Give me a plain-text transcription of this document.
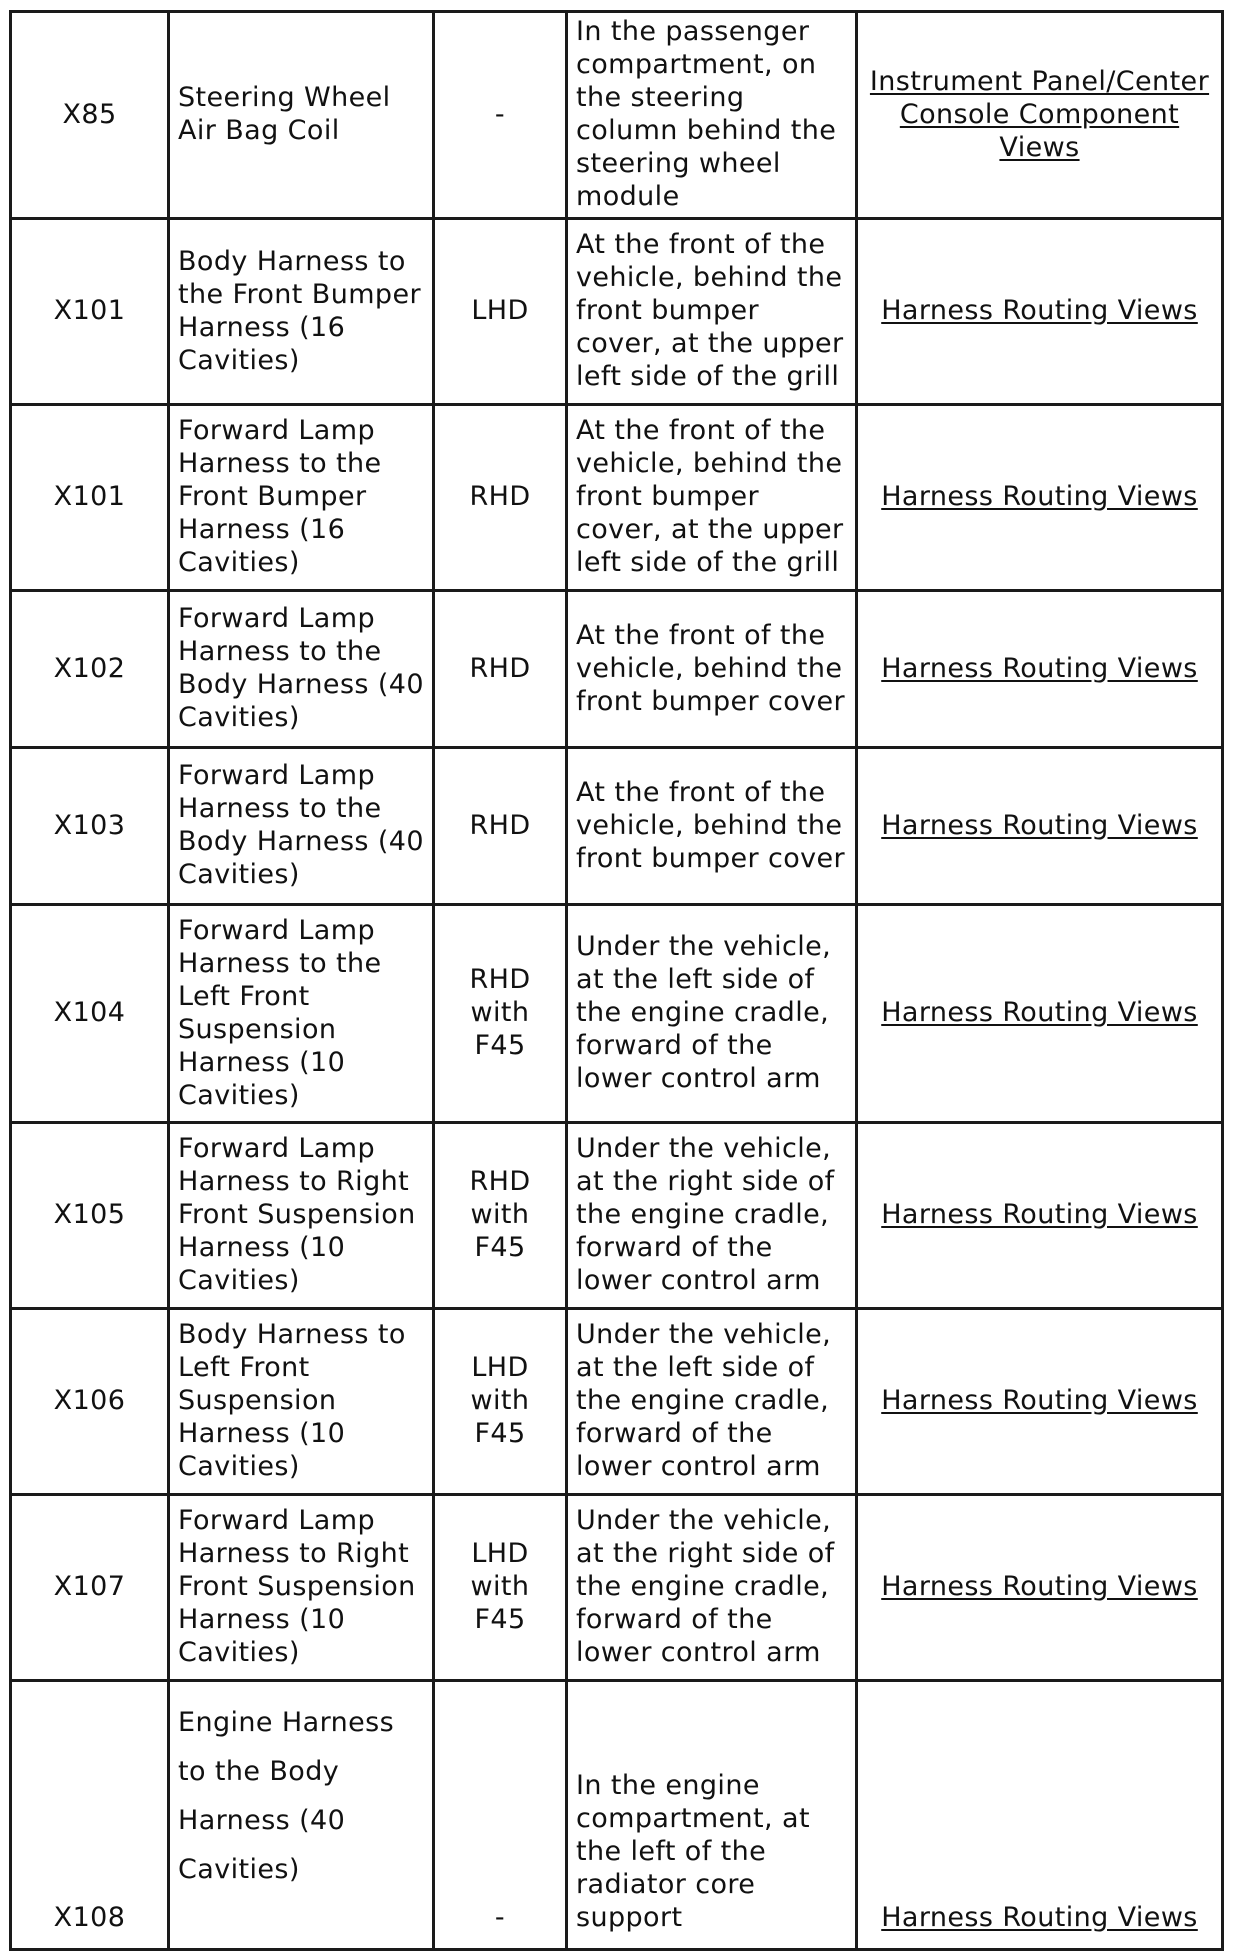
X85	Steering Wheel Air Bag Coil	-	In the passenger compartment, on the steering column behind the steering wheel module	Instrument Panel/Center Console Component Views
X101	Body Harness to the Front Bumper Harness (16 Cavities)	LHD	At the front of the vehicle, behind the front bumper cover, at the upper left side of the grill	Harness Routing Views
X101	Forward Lamp Harness to the Front Bumper Harness (16 Cavities)	RHD	At the front of the vehicle, behind the front bumper cover, at the upper left side of the grill	Harness Routing Views
X102	Forward Lamp Harness to the Body Harness (40 Cavities)	RHD	At the front of the vehicle, behind the front bumper cover	Harness Routing Views
X103	Forward Lamp Harness to the Body Harness (40 Cavities)	RHD	At the front of the vehicle, behind the front bumper cover	Harness Routing Views
X104	Forward Lamp Harness to the Left Front Suspension Harness (10 Cavities)	RHD with F45	Under the vehicle, at the left side of the engine cradle, forward of the lower control arm	Harness Routing Views
X105	Forward Lamp Harness to Right Front Suspension Harness (10 Cavities)	RHD with F45	Under the vehicle, at the right side of the engine cradle, forward of the lower control arm	Harness Routing Views
X106	Body Harness to Left Front Suspension Harness (10 Cavities)	LHD with F45	Under the vehicle, at the left side of the engine cradle, forward of the lower control arm	Harness Routing Views
X107	Forward Lamp Harness to Right Front Suspension Harness (10 Cavities)	LHD with F45	Under the vehicle, at the right side of the engine cradle, forward of the lower control arm	Harness Routing Views
X108	Engine Harness to the Body Harness (40 Cavities)	-	In the engine compartment, at the left of the radiator core support	Harness Routing Views
